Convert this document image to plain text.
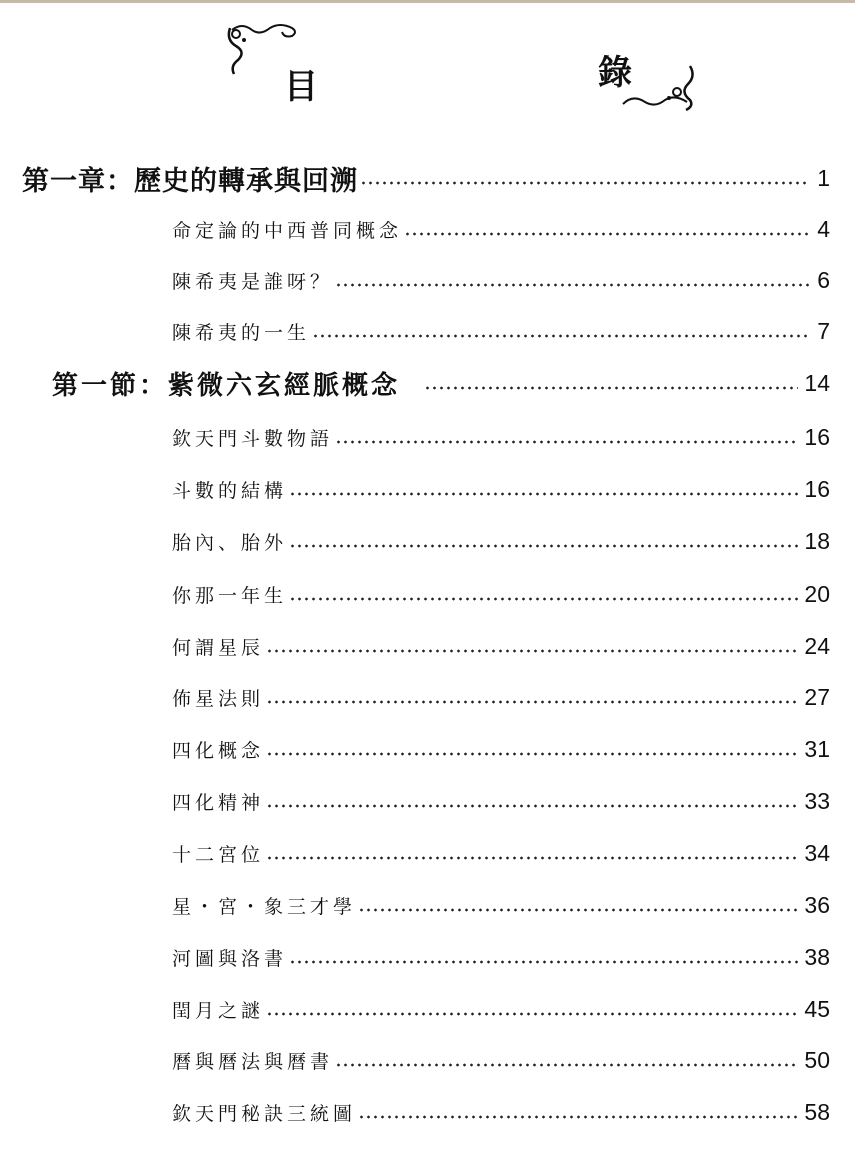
目	錄
第一章：歷史的轉承與回溯	1
命定論的中西普同概念	4
陳希夷是誰呀？	6
陳希夷的一生	7
第一節：紫微六玄經脈概念	14
欽天門斗數物語	16
斗數的結構	16
胎內、胎外	18
你那一年生	20
何謂星辰	24
佈星法則	27
四化概念	31
四化精神	33
十二宮位	34
星・宮・象三才學	36
河圖與洛書	38
閏月之謎	45
曆與曆法與曆書	50
欽天門秘訣三統圖	58
